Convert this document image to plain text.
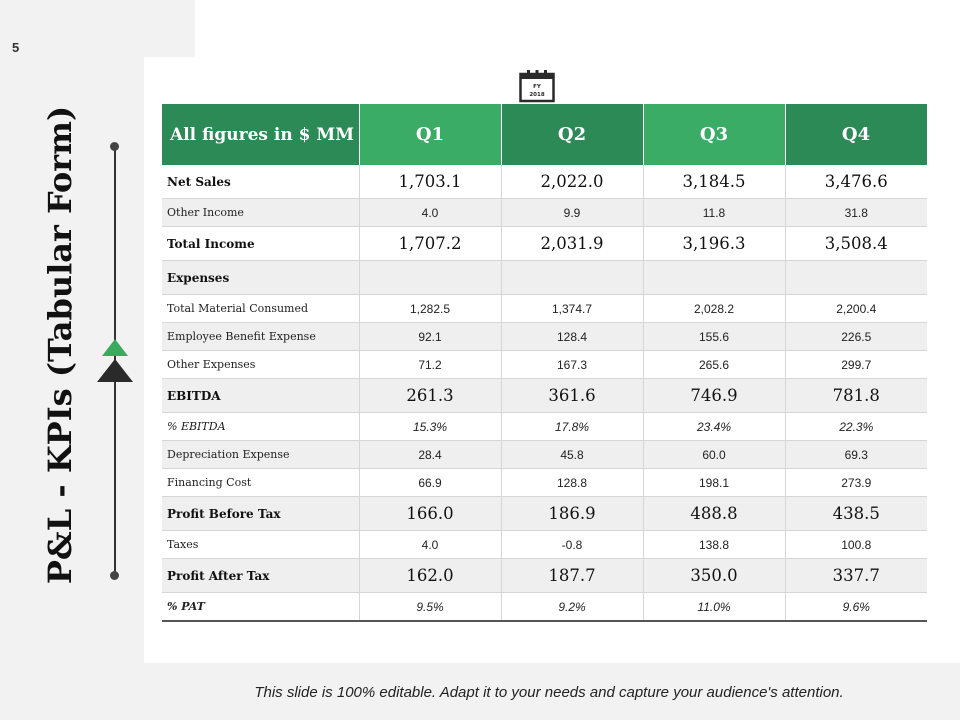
5
P&L - KPIs (Tabular Form)
FY
2018
All figures in $ MM	Q1	Q2	Q3	Q4
Net Sales	1,703.1	2,022.0	3,184.5	3,476.6
Other Income	4.0	9.9	11.8	31.8
Total Income	1,707.2	2,031.9	3,196.3	3,508.4
Expenses				
Total Material Consumed	1,282.5	1,374.7	2,028.2	2,200.4
Employee Benefit Expense	92.1	128.4	155.6	226.5
Other Expenses	71.2	167.3	265.6	299.7
EBITDA	261.3	361.6	746.9	781.8
% EBITDA	15.3%	17.8%	23.4%	22.3%
Depreciation Expense	28.4	45.8	60.0	69.3
Financing Cost	66.9	128.8	198.1	273.9
Profit Before Tax	166.0	186.9	488.8	438.5
Taxes	4.0	-0.8	138.8	100.8
Profit After Tax	162.0	187.7	350.0	337.7
% PAT	9.5%	9.2%	11.0%	9.6%
This slide is 100% editable. Adapt it to your needs and capture your audience's attention.
